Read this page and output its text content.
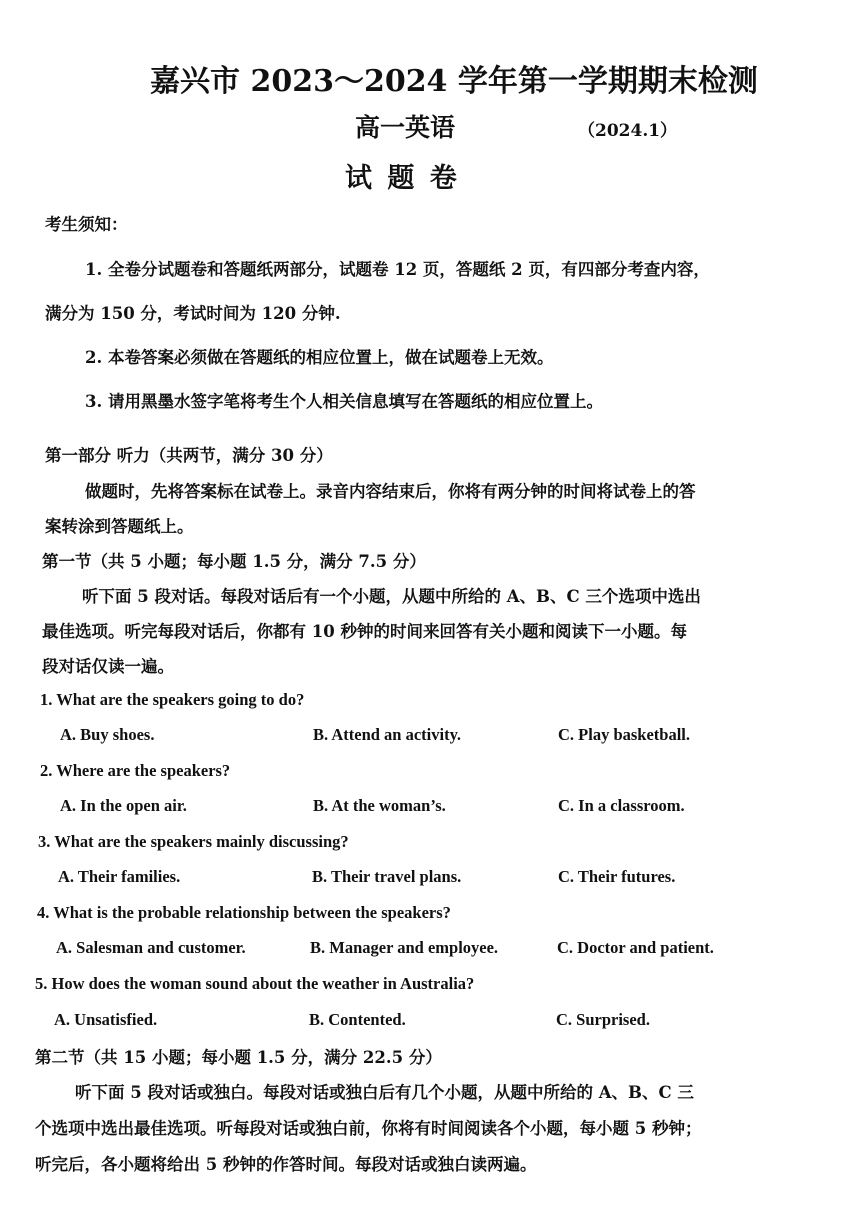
嘉兴市 2023～2024 学年第一学期期末检测
高一英语	（2024.1）
试 题 卷
考生须知：
1. 全卷分试题卷和答题纸两部分，试题卷 12 页，答题纸 2 页，有四部分考查内容，
满分为 150 分，考试时间为 120 分钟.
2. 本卷答案必须做在答题纸的相应位置上，做在试题卷上无效。
3. 请用黑墨水签字笔将考生个人相关信息填写在答题纸的相应位置上。
第一部分 听力（共两节，满分 30 分）
做题时，先将答案标在试卷上。录音内容结束后，你将有两分钟的时间将试卷上的答
案转涂到答题纸上。
第一节（共 5 小题；每小题 1.5 分，满分 7.5 分）
听下面 5 段对话。每段对话后有一个小题，从题中所给的 A、B、C 三个选项中选出
最佳选项。听完每段对话后，你都有 10 秒钟的时间来回答有关小题和阅读下一小题。每
段对话仅读一遍。
1. What are the speakers going to do?
A. Buy shoes.	B. Attend an activity.	C. Play basketball.
2. Where are the speakers?
A. In the open air.	B. At the woman’s.	C. In a classroom.
3. What are the speakers mainly discussing?
A. Their families.	B. Their travel plans.	C. Their futures.
4. What is the probable relationship between the speakers?
A. Salesman and customer.	B. Manager and employee.	C. Doctor and patient.
5. How does the woman sound about the weather in Australia?
A. Unsatisfied.	B. Contented.	C. Surprised.
第二节（共 15 小题；每小题 1.5 分，满分 22.5 分）
听下面 5 段对话或独白。每段对话或独白后有几个小题，从题中所给的 A、B、C 三
个选项中选出最佳选项。听每段对话或独白前，你将有时间阅读各个小题，每小题 5 秒钟；
听完后，各小题将给出 5 秒钟的作答时间。每段对话或独白读两遍。
